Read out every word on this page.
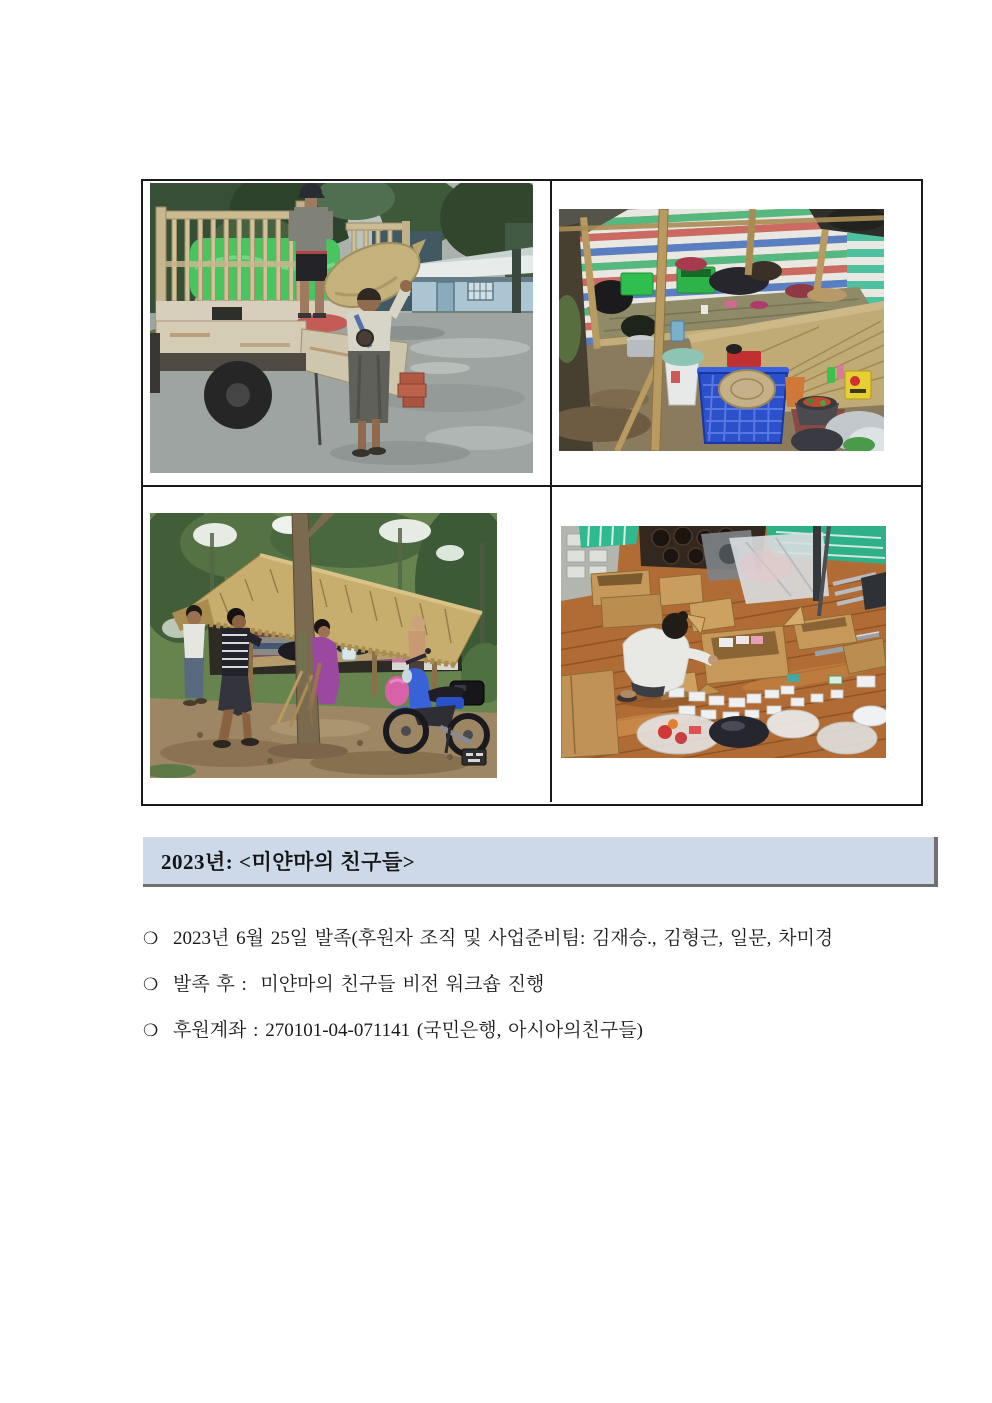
2023년: <미얀마의 친구들>
❍ 2023년 6월 25일 발족(후원자 조직 및 사업준비팀: 김재승., 김형근, 일문, 차미경
❍ 발족 후 :  미얀마의 친구들 비전 워크숍 진행
❍ 후원계좌 : 270101-04-071141 (국민은행, 아시아의친구들)
